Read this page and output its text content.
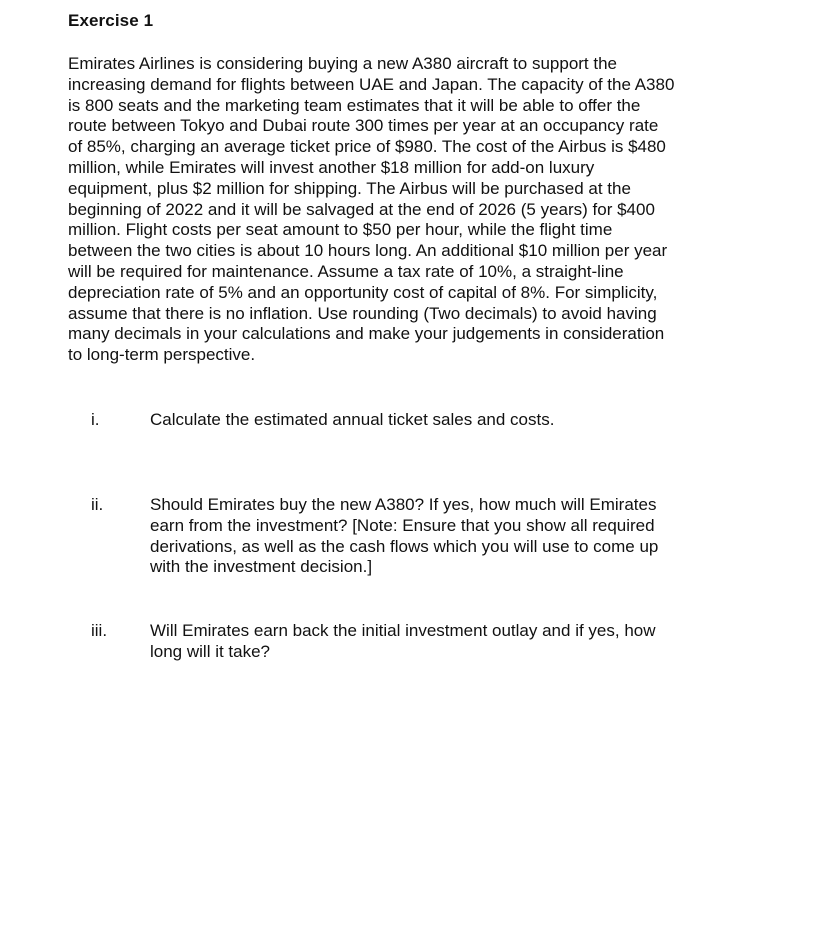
Exercise 1
Emirates Airlines is considering buying a new A380 aircraft to support the
increasing demand for flights between UAE and Japan. The capacity of the A380
is 800 seats and the marketing team estimates that it will be able to offer the
route between Tokyo and Dubai route 300 times per year at an occupancy rate
of 85%, charging an average ticket price of $980. The cost of the Airbus is $480
million, while Emirates will invest another $18 million for add-on luxury
equipment, plus $2 million for shipping. The Airbus will be purchased at the
beginning of 2022 and it will be salvaged at the end of 2026 (5 years) for $400
million. Flight costs per seat amount to $50 per hour, while the flight time
between the two cities is about 10 hours long. An additional $10 million per year
will be required for maintenance. Assume a tax rate of 10%, a straight-line
depreciation rate of 5% and an opportunity cost of capital of 8%. For simplicity,
assume that there is no inflation. Use rounding (Two decimals) to avoid having
many decimals in your calculations and make your judgements in consideration
to long-term perspective.
i.	Calculate the estimated annual ticket sales and costs.
ii.	Should Emirates buy the new A380? If yes, how much will Emirates
earn from the investment? [Note: Ensure that you show all required
derivations, as well as the cash flows which you will use to come up
with the investment decision.]
iii.	Will Emirates earn back the initial investment outlay and if yes, how
long will it take?
